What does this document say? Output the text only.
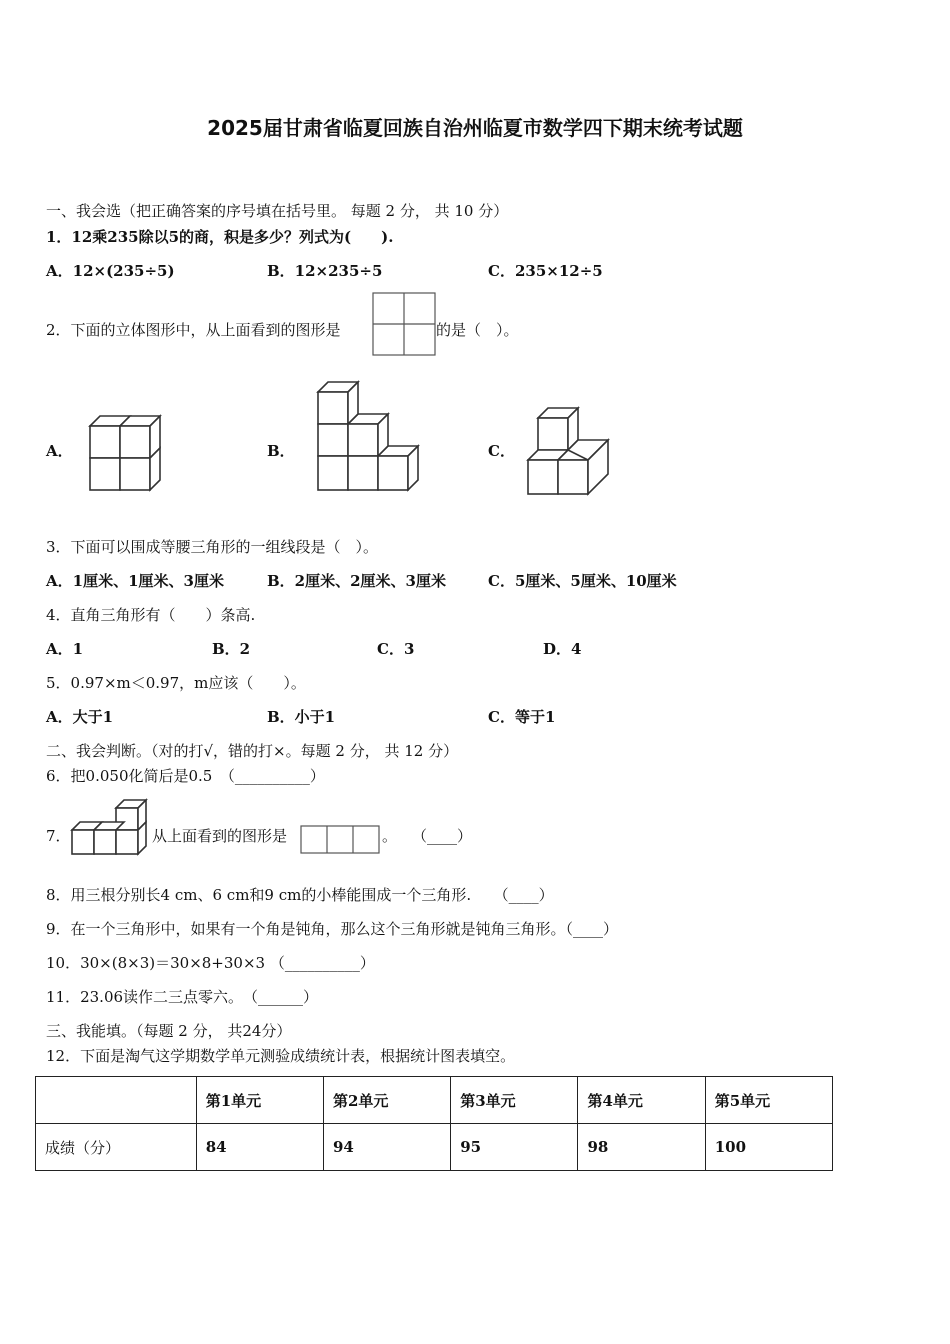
2025届甘肃省临夏回族自治州临夏市数学四下期末统考试题
一、我会选（把正确答案的序号填在括号里。 每题 2 分， 共 10 分）
1．12乘235除以5的商，积是多少？列式为(　　).
A．12×(235÷5)	B．12×235÷5	C．235×12÷5
2．下面的立体图形中，从上面看到的图形是	的是（　）。
A．	B．	C．
3．下面可以围成等腰三角形的一组线段是（　）。
A．1厘米、1厘米、3厘米	B．2厘米、2厘米、3厘米	C．5厘米、5厘米、10厘米
4．直角三角形有（　　）条高.
A．1	B．2	C．3	D．4
5．0.97×m＜0.97，m应该（　　）。
A．大于1	B．小于1	C．等于1
二、我会判断。（对的打√，错的打×。每题 2 分， 共 12 分）
6．把0.050化简后是0.5　（__________）
7．	从上面看到的图形是	。　　（____）
8．用三根分别长4 cm、6 cm和9 cm的小棒能围成一个三角形.　　（____）
9．在一个三角形中，如果有一个角是钝角，那么这个三角形就是钝角三角形。（____）
10．30×(8×3)＝30×8+30×3 （__________）
11．23.06读作二三点零六。　（______）
三、我能填。（每题 2 分， 共24分）
12．下面是淘气这学期数学单元测验成绩统计表，根据统计图表填空。
	第1单元	第2单元	第3单元	第4单元	第5单元
成绩（分）	84	94	95	98	100
